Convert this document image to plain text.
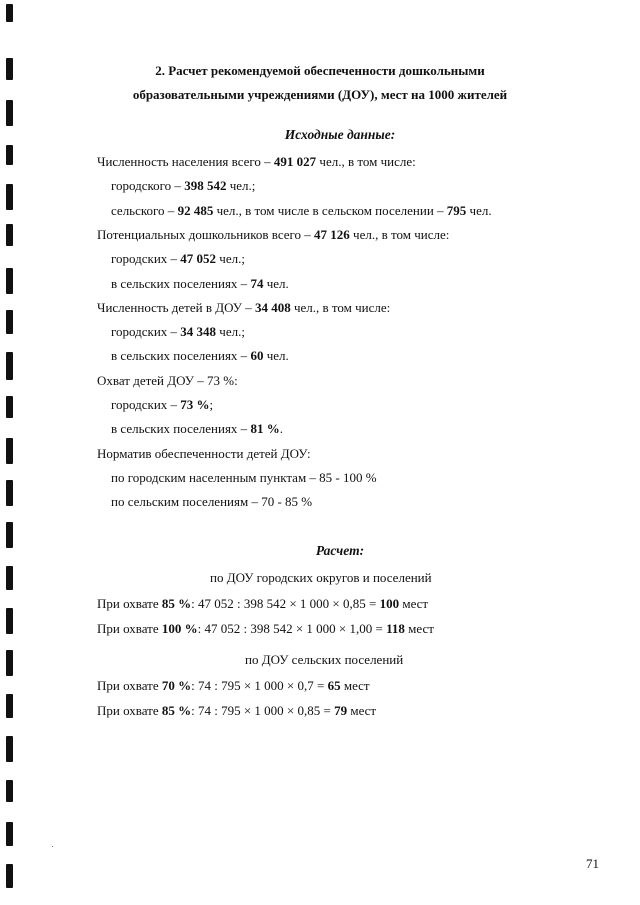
2. Расчет рекомендуемой обеспеченности дошкольными
образовательными учреждениями (ДОУ), мест на 1000 жителей
Исходные данные:
Численность населения всего – 491 027 чел., в том числе:
городского – 398 542 чел.;
сельского – 92 485 чел., в том числе в сельском поселении – 795 чел.
Потенциальных дошкольников всего – 47 126 чел., в том числе:
городских – 47 052 чел.;
в сельских поселениях – 74 чел.
Численность детей в ДОУ – 34 408 чел., в том числе:
городских – 34 348 чел.;
в сельских поселениях – 60 чел.
Охват детей ДОУ – 73 %:
городских – 73 %;
в сельских поселениях – 81 %.
Норматив обеспеченности детей ДОУ:
по городским населенным пунктам – 85 - 100 %
по сельским поселениям – 70 - 85 %
Расчет:
по ДОУ городских округов и поселений
При охвате 85 %: 47 052 : 398 542 × 1 000 × 0,85 = 100 мест
При охвате 100 %: 47 052 : 398 542 × 1 000 × 1,00 = 118 мест
по ДОУ сельских поселений
При охвате 70 %: 74 : 795 × 1 000 × 0,7 = 65 мест
При охвате 85 %: 74 : 795 × 1 000 × 0,85 = 79 мест
71
